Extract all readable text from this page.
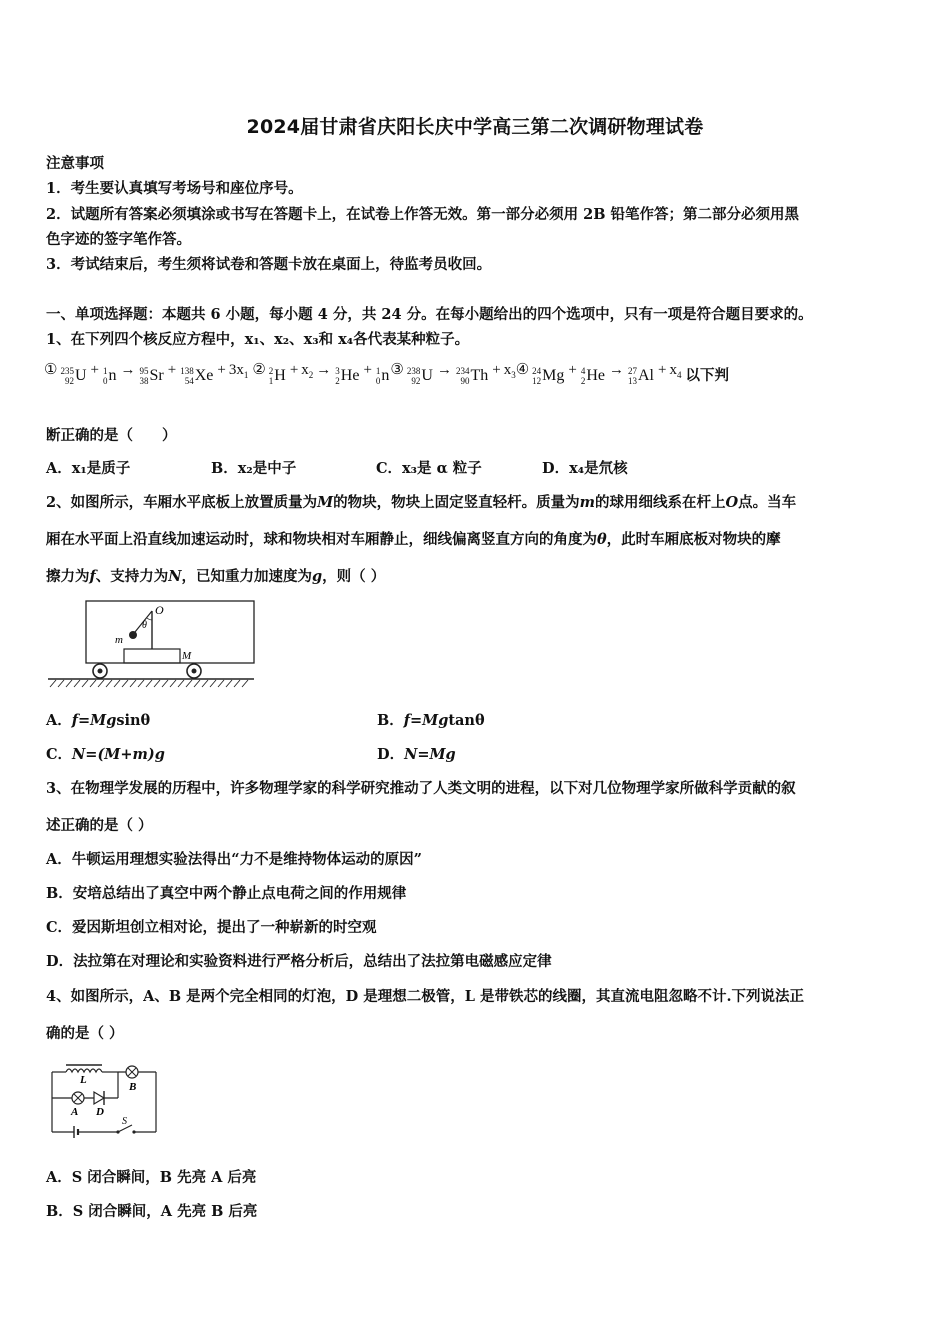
2024届甘肃省庆阳长庆中学高三第二次调研物理试卷
注意事项
1．考生要认真填写考场号和座位序号。
2．试题所有答案必须填涂或书写在答题卡上，在试卷上作答无效。第一部分必须用 2B 铅笔作答；第二部分必须用黑
色字迹的签字笔作答。
3．考试结束后，考生须将试卷和答题卡放在桌面上，待监考员收回。
一、单项选择题：本题共 6 小题，每小题 4 分，共 24 分。在每小题给出的四个选项中，只有一项是符合题目要求的。
1、在下列四个核反应方程中，x₁、x₂、x₃和 x₄各代表某种粒子。
① 235
92 U + 1
0 n → 95
38 Sr + 138
54 $Xe + 3x_1$ ② 2
1 $H + x_2 \to 3$
2 He + 1
0 n ③ 238
92 U → 234
90 $Th + x_3$ ④ 24
12 Mg + 4
2 He → 27
13 $Al + x_4$ 以下判
断正确的是（　　）
A．x₁是质子	B．x₂是中子	C．x₃是 α 粒子	D．x₄是氘核
2、如图所示，车厢水平底板上放置质量为M的物块，物块上固定竖直轻杆。质量为m的球用细线系在杆上O点。当车
厢在水平面上沿直线加速运动时，球和物块相对车厢静止，细线偏离竖直方向的角度为θ，此时车厢底板对物块的摩
擦力为f、支持力为N，已知重力加速度为g，则（ ）
O
θ
m
M
A．f=Mgsinθ	B．f=Mgtanθ
C．N=(M+m)g	D．N=Mg
3、在物理学发展的历程中，许多物理学家的科学研究推动了人类文明的进程，以下对几位物理学家所做科学贡献的叙
述正确的是（ ）
A．牛顿运用理想实验法得出“力不是维持物体运动的原因”
B．安培总结出了真空中两个静止点电荷之间的作用规律
C．爱因斯坦创立相对论，提出了一种崭新的时空观
D．法拉第在对理论和实验资料进行严格分析后，总结出了法拉第电磁感应定律
4、如图所示，A、B 是两个完全相同的灯泡，D 是理想二极管，L 是带铁芯的线圈，其直流电阻忽略不计.下列说法正
确的是（ ）
L
B
A D
S
A．S 闭合瞬间，B 先亮 A 后亮
B．S 闭合瞬间，A 先亮 B 后亮
